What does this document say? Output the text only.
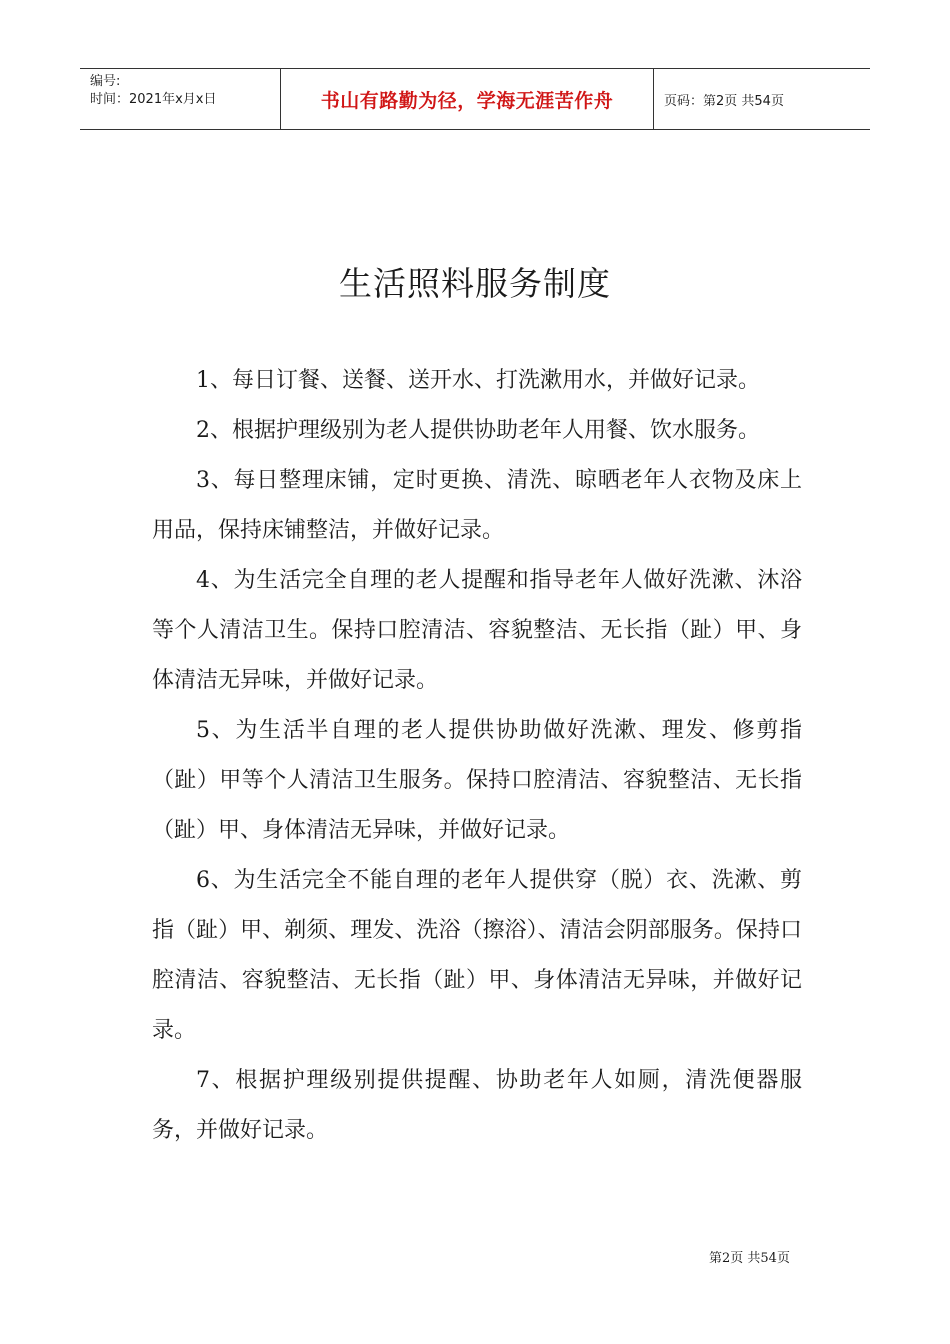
编号:
时间：2021年x月x日	书山有路勤为径，学海无涯苦作舟	页码：第2页 共54页
生活照料服务制度

1、每日订餐、送餐、送开水、打洗漱用水，并做好记录。

2、根据护理级别为老人提供协助老年人用餐、饮水服务。

3、每日整理床铺，定时更换、清洗、晾晒老年人衣物及床上用品，保持床铺整洁，并做好记录。

4、为生活完全自理的老人提醒和指导老年人做好洗漱、沐浴等个人清洁卫生。保持口腔清洁、容貌整洁、无长指（趾）甲、身体清洁无异味，并做好记录。

5、为生活半自理的老人提供协助做好洗漱、理发、修剪指（趾）甲等个人清洁卫生服务。保持口腔清洁、容貌整洁、无长指（趾）甲、身体清洁无异味，并做好记录。

6、为生活完全不能自理的老年人提供穿（脱）衣、洗漱、剪指（趾）甲、剃须、理发、洗浴（擦浴）、清洁会阴部服务。保持口腔清洁、容貌整洁、无长指（趾）甲、身体清洁无异味，并做好记录。

7、根据护理级别提供提醒、协助老年人如厕，清洗便器服务，并做好记录。

第2页 共54页
